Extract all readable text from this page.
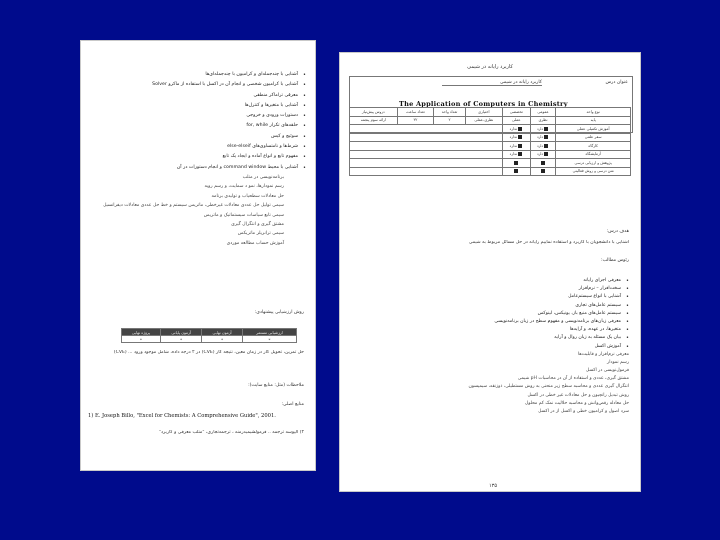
•
آشنایی با چند‌جمله‌ای و کرامیون با چندجمله‌ای‌ها
•
آشنایی با کرامیون شخصی و انجام آن در اکسل با استفاده از ماکرو Solver
•
معرفی تراماکر منطقی
•
آشنایی با متغیرها و کنترل‌ها
•
دستورات ورودی و خروجی
•
حلقه‌های تکرار for, while
•
سوئیچ و کیس
•
شرط‌ها و نامتساوی‌های else-elseif
•
مفهوم تابع و انواع آماده و ایجاد یک تابع
•
آشنایی با محیط command window و انجام دستورات در آن
برنامه‌نویسی در متلب
رسم نمودارها، نمو د سمایت، و رسم رویه
حل معادلات سطحیاب و تولیدی برنامه
سیمی تولیل حل عددی معادلات غیرخطی، ماتریس سیستم و خط حل عددی معادلات دیفرانسیل
سیمی تابع سیاسات سیستماتیک و ماتریس
مشتق گیری و انتگرال گیری
سیمی ترانزیلز ماتریکس
آموزش حساب مطالعه موردی
روش ارزشیابی پیشنهادی:
ارزشیابی مستمر	آزمون نهایی	آزمون پایانی	پروژه نهایی
*	*	*	*
حل تمرین، تحویل کار در زمان معین، نتیجه کار (CVE) در ۲ درجه داده، شامل موجود ورود ... (CVE)
ملاحظات (مثل: منابع سایت):
منابع اصلی:
1) E. Joseph Billo, "Excel for Chemists: A Comprehensive Guide", 2001.
۲) آلپوسه ترجمه .. فرمولشیمیدرمنه ، ترجمه‌تجاری، "متلب معرفی و کاربرد"
کاربرد رایانه در شیمی
عنوان درس
کاربرد رایانه در شیمی
The Application of Computers in Chemistry
نوع واحد	عمومی	تخصصی	اختیاری	تعداد واحد	تعداد ساعت	دروس پیش‌نیاز
پایه	نظری	عملی	نظری-عملی	۲	۳۲	ارائه سوم پنجمه
آموزش تکمیلی عملی	دارد	ندارد				
سفر علمی	دارد	ندارد				
کارگاه	دارد	ندارد				
آزمایشگاه	دارد	ندارد				
پژوهش و ارزیابی درسی						
متن درسی و روش فعالیتی						
هدف درس:
آشنایی با دانشجویان با کاربرد و استفاده نماییم رایانه در حل مسائل مربوط به شیمی
رئوس مطالب:
•
معرفی اجزای رایانه
•
سخت‌افزار – نرم‌افزار
•
آشنایی با انواع سیستم‌عامل
•
سیستم عامل‌های تجاری
•
سیستم عامل‌های منبع باز، یونیکس، لینوکس
•
معرفی زبان‌های برنامه‌نویسی و مفهوم سطح در زبان برنامه‌نویسی
•
متغیرها، در عهده، و آرایه‌ها
•
بیان یک مسئله به زبان روال و آرایه
•
آموزش اکسل
معرفی نرم‌افزار و قابلیت‌ها
رسم نمودار
فرمول‌نویسی در اکسل
مشتق گیری، عددی و استفاده از آن در محاسبات pH شیمی
انتگرال گیری عددی و محاسبه سطح زیر منحنی به روش مستطیلی، ذوزنقه، سیمپسون
روش تبدیل رانچیون و حل معادلات غیر خطی در اکسل
حل معادله رقص‌وانش و محاسبه حلالیت نمک کم محلول
سرد اصول و کرامیون خطی و اکسل از در اکسل
۱۳۵
